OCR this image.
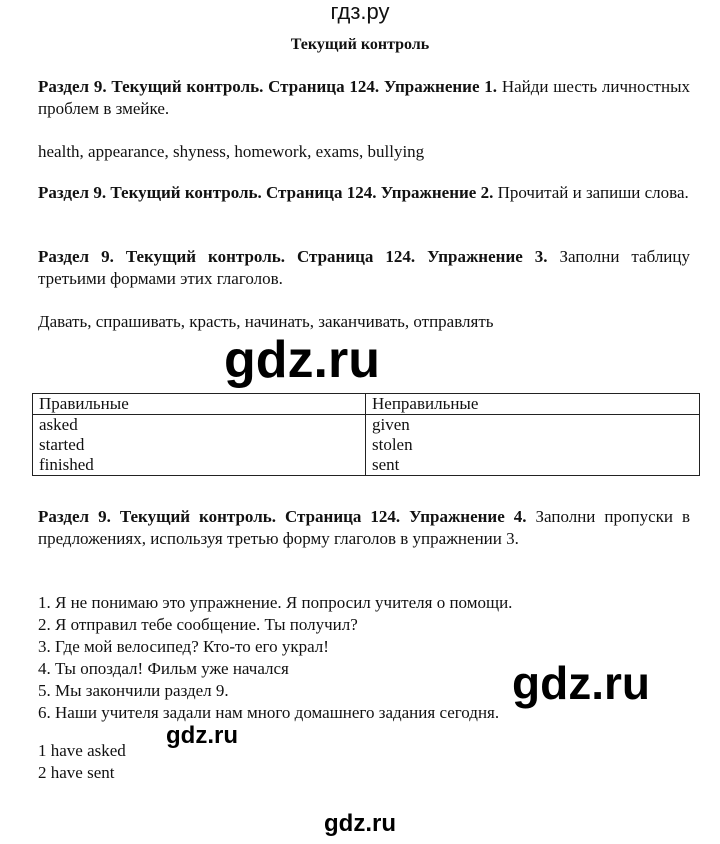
гдз.ру
Текущий контроль

Раздел 9. Текущий контроль. Страница 124. Упражнение 1. Найди шесть личностных проблем в змейке.

health, appearance, shyness, homework, exams, bullying

Раздел 9. Текущий контроль. Страница 124. Упражнение 2. Прочитай и запиши слова.

Раздел 9. Текущий контроль. Страница 124. Упражнение 3. Заполни таблицу третьими формами этих глаголов.

Давать, спрашивать, красть, начинать, заканчивать, отправлять

gdz.ru
Правильные	Неправильные
asked	given
started	stolen
finished	sent

Раздел 9. Текущий контроль. Страница 124. Упражнение 4. Заполни пропуски в предложениях, используя третью форму глаголов в упражнении 3.

1. Я не понимаю это упражнение. Я попросил учителя о помощи.
2. Я отправил тебе сообщение. Ты получил?
3. Где мой велосипед? Кто-то его украл!
4. Ты опоздал! Фильм уже начался
5. Мы закончили раздел 9.
6. Наши учителя задали нам много домашнего задания сегодня.
gdz.ru
1 have asked
2 have sent
gdz.ru
gdz.ru
